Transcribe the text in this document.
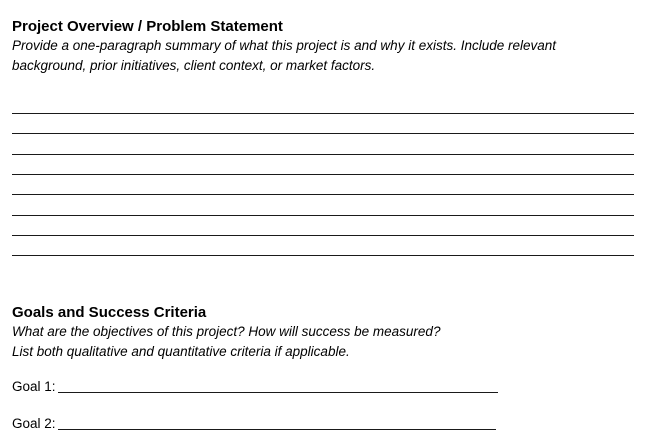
Project Overview / Problem Statement

Provide a one-paragraph summary of what this project is and why it exists. Include relevant

background, prior initiatives, client context, or market factors.

Goals and Success Criteria

What are the objectives of this project? How will success be measured?

List both qualitative and quantitative criteria if applicable.

Goal 1:
Goal 2:
